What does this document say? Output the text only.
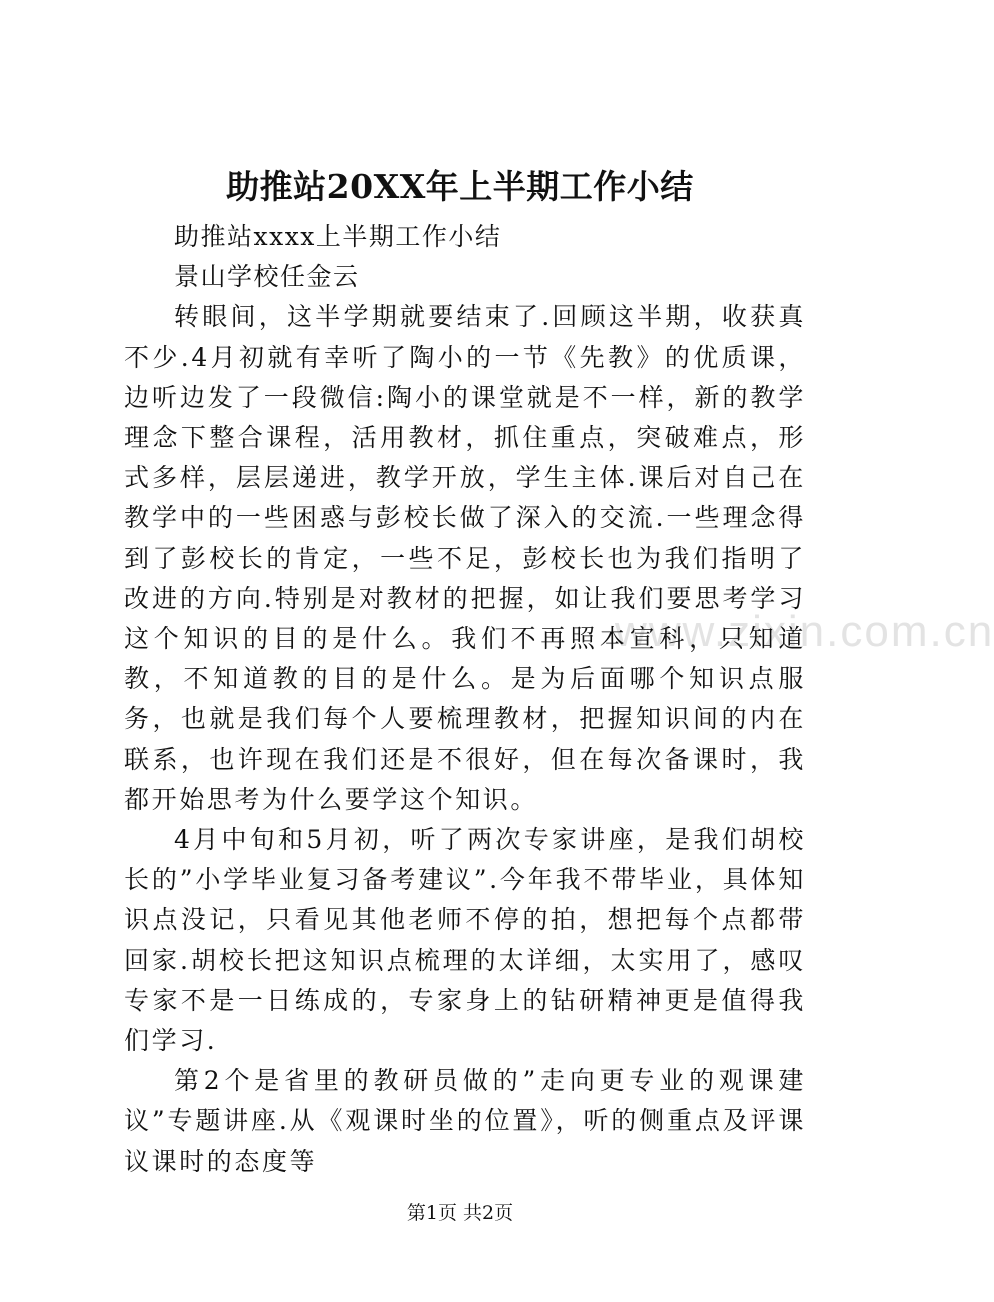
www.zixin.com.cn
助推站20XX年上半期工作小结

助推站xxxx上半期工作小结

景山学校任金云

转眼间，这半学期就要结束了.回顾这半期，收获真不少.4月初就有幸听了陶小的一节《先教》的优质课，边听边发了一段微信:陶小的课堂就是不一样，新的教学理念下整合课程，活用教材，抓住重点，突破难点，形式多样，层层递进，教学开放，学生主体.课后对自己在教学中的一些困惑与彭校长做了深入的交流.一些理念得到了彭校长的肯定，一些不足，彭校长也为我们指明了改进的方向.特别是对教材的把握，如让我们要思考学习这个知识的目的是什么。我们不再照本宣科，只知道教，不知道教的目的是什么。是为后面哪个知识点服务，也就是我们每个人要梳理教材，把握知识间的内在联系，也许现在我们还是不很好，但在每次备课时，我都开始思考为什么要学这个知识。

4月中旬和5月初，听了两次专家讲座，是我们胡校长的”小学毕业复习备考建议”.今年我不带毕业，具体知识点没记，只看见其他老师不停的拍，想把每个点都带回家.胡校长把这知识点梳理的太详细，太实用了，感叹专家不是一日练成的，专家身上的钻研精神更是值得我们学习.

第2个是省里的教研员做的”走向更专业的观课建议”专题讲座.从《观课时坐的位置》，听的侧重点及评课议课时的态度等

第1页 共2页
